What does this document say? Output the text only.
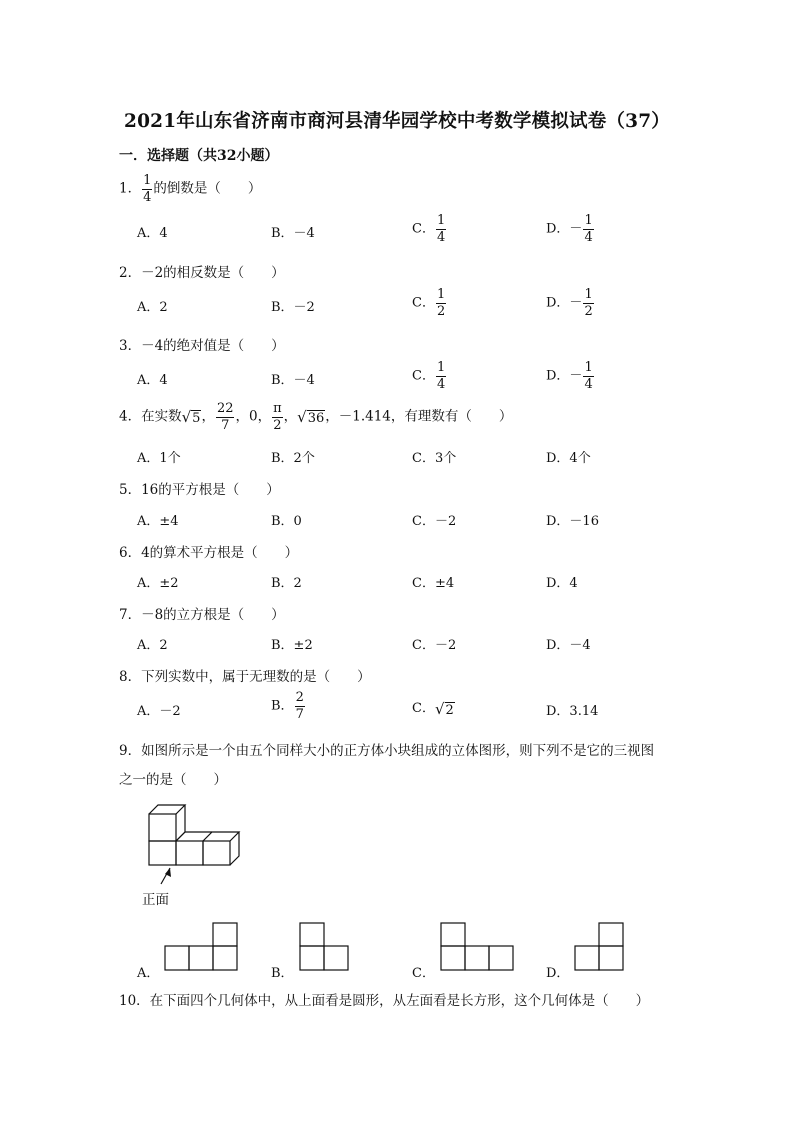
2021年山东省济南市商河县清华园学校中考数学模拟试卷（37）
一．选择题（共32小题）
1． $\frac{1}{4}$ 的倒数是（　　）
A．4	B．－4	C． $\frac{1}{4}$	D．－ $\frac{1}{4}$
2．－2的相反数是（　　）
A．2	B．－2	C． $\frac{1}{2}$	D．－ $\frac{1}{2}$
3．－4的绝对值是（　　）
A．4	B．－4	C． $\frac{1}{4}$	D．－ $\frac{1}{4}$
4．在实数 √ 5 ， $\frac{22}{7}$ ，0， $\frac{\pi}{2}$ ， √ 36 ，－1.414，有理数有（　　）
A．1个	B．2个	C．3个	D．4个
5．16的平方根是（　　）
A．±4	B．0	C．－2	D．－16
6．4的算术平方根是（　　）
A．±2	B．2	C．±4	D．4
7．－8的立方根是（　　）
A．2	B．±2	C．－2	D．－4
8．下列实数中，属于无理数的是（　　）
A．－2	B． $\frac{2}{7}$	C． √ 2	D．3.14
9．如图所示是一个由五个同样大小的正方体小块组成的立体图形，则下列不是它的三视图
之一的是（　　）
正面
A．	B．	C．	D．
10．在下面四个几何体中，从上面看是圆形，从左面看是长方形，这个几何体是（　　）
